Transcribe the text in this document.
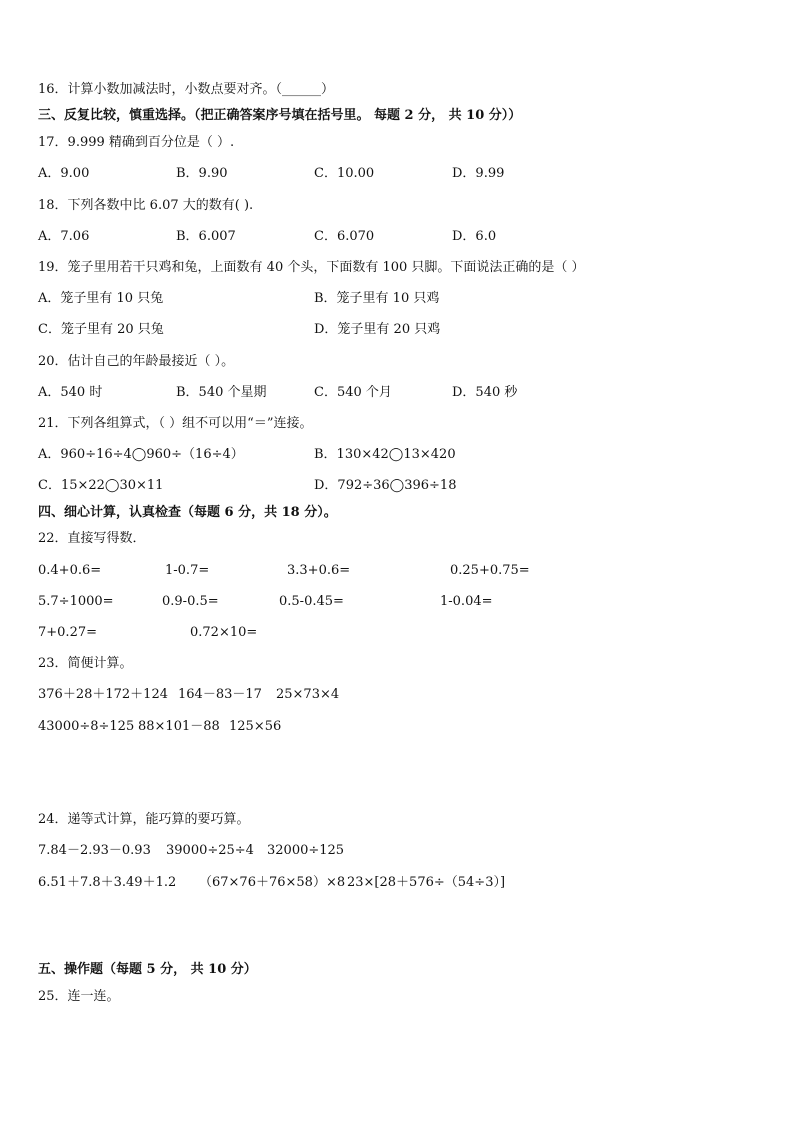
16．计算小数加减法时，小数点要对齐。（______）
三、反复比较，慎重选择。（把正确答案序号填在括号里。 每题 2 分， 共 10 分））
17．9.999 精确到百分位是（ ）.
A．9.00	B．9.90	C．10.00	D．9.99
18．下列各数中比 6.07 大的数有( ).
A．7.06	B．6.007	C．6.070	D．6.0
19．笼子里用若干只鸡和兔，上面数有 40 个头，下面数有 100 只脚。下面说法正确的是（ ）
A．笼子里有 10 只兔	B．笼子里有 10 只鸡
C．笼子里有 20 只兔	D．笼子里有 20 只鸡
20．估计自己的年龄最接近（ ）。
A．540 时	B．540 个星期	C．540 个月	D．540 秒
21．下列各组算式，（ ）组不可以用“＝”连接。
A．960÷16÷4◯960÷（16÷4）	B．130×42◯13×420
C．15×22◯30×11	D．792÷36◯396÷18
四、细心计算，认真检查（每题 6 分，共 18 分）。
22．直接写得数．
0.4+0.6=	1-0.7=	3.3+0.6=	0.25+0.75=
5.7÷1000=	0.9-0.5=	0.5-0.45=	1-0.04=
7+0.27=	0.72×10=
23．简便计算。
376＋28＋172＋124 164－83－17 25×73×4
43000÷8÷125 88×101－88 125×56
24．递等式计算，能巧算的要巧算。
7.84－2.93－0.93 39000÷25÷4 32000÷125
6.51＋7.8＋3.49＋1.2 （67×76＋76×58）×8 23×[28＋576÷（54÷3）]
五、操作题（每题 5 分， 共 10 分）
25．连一连。
